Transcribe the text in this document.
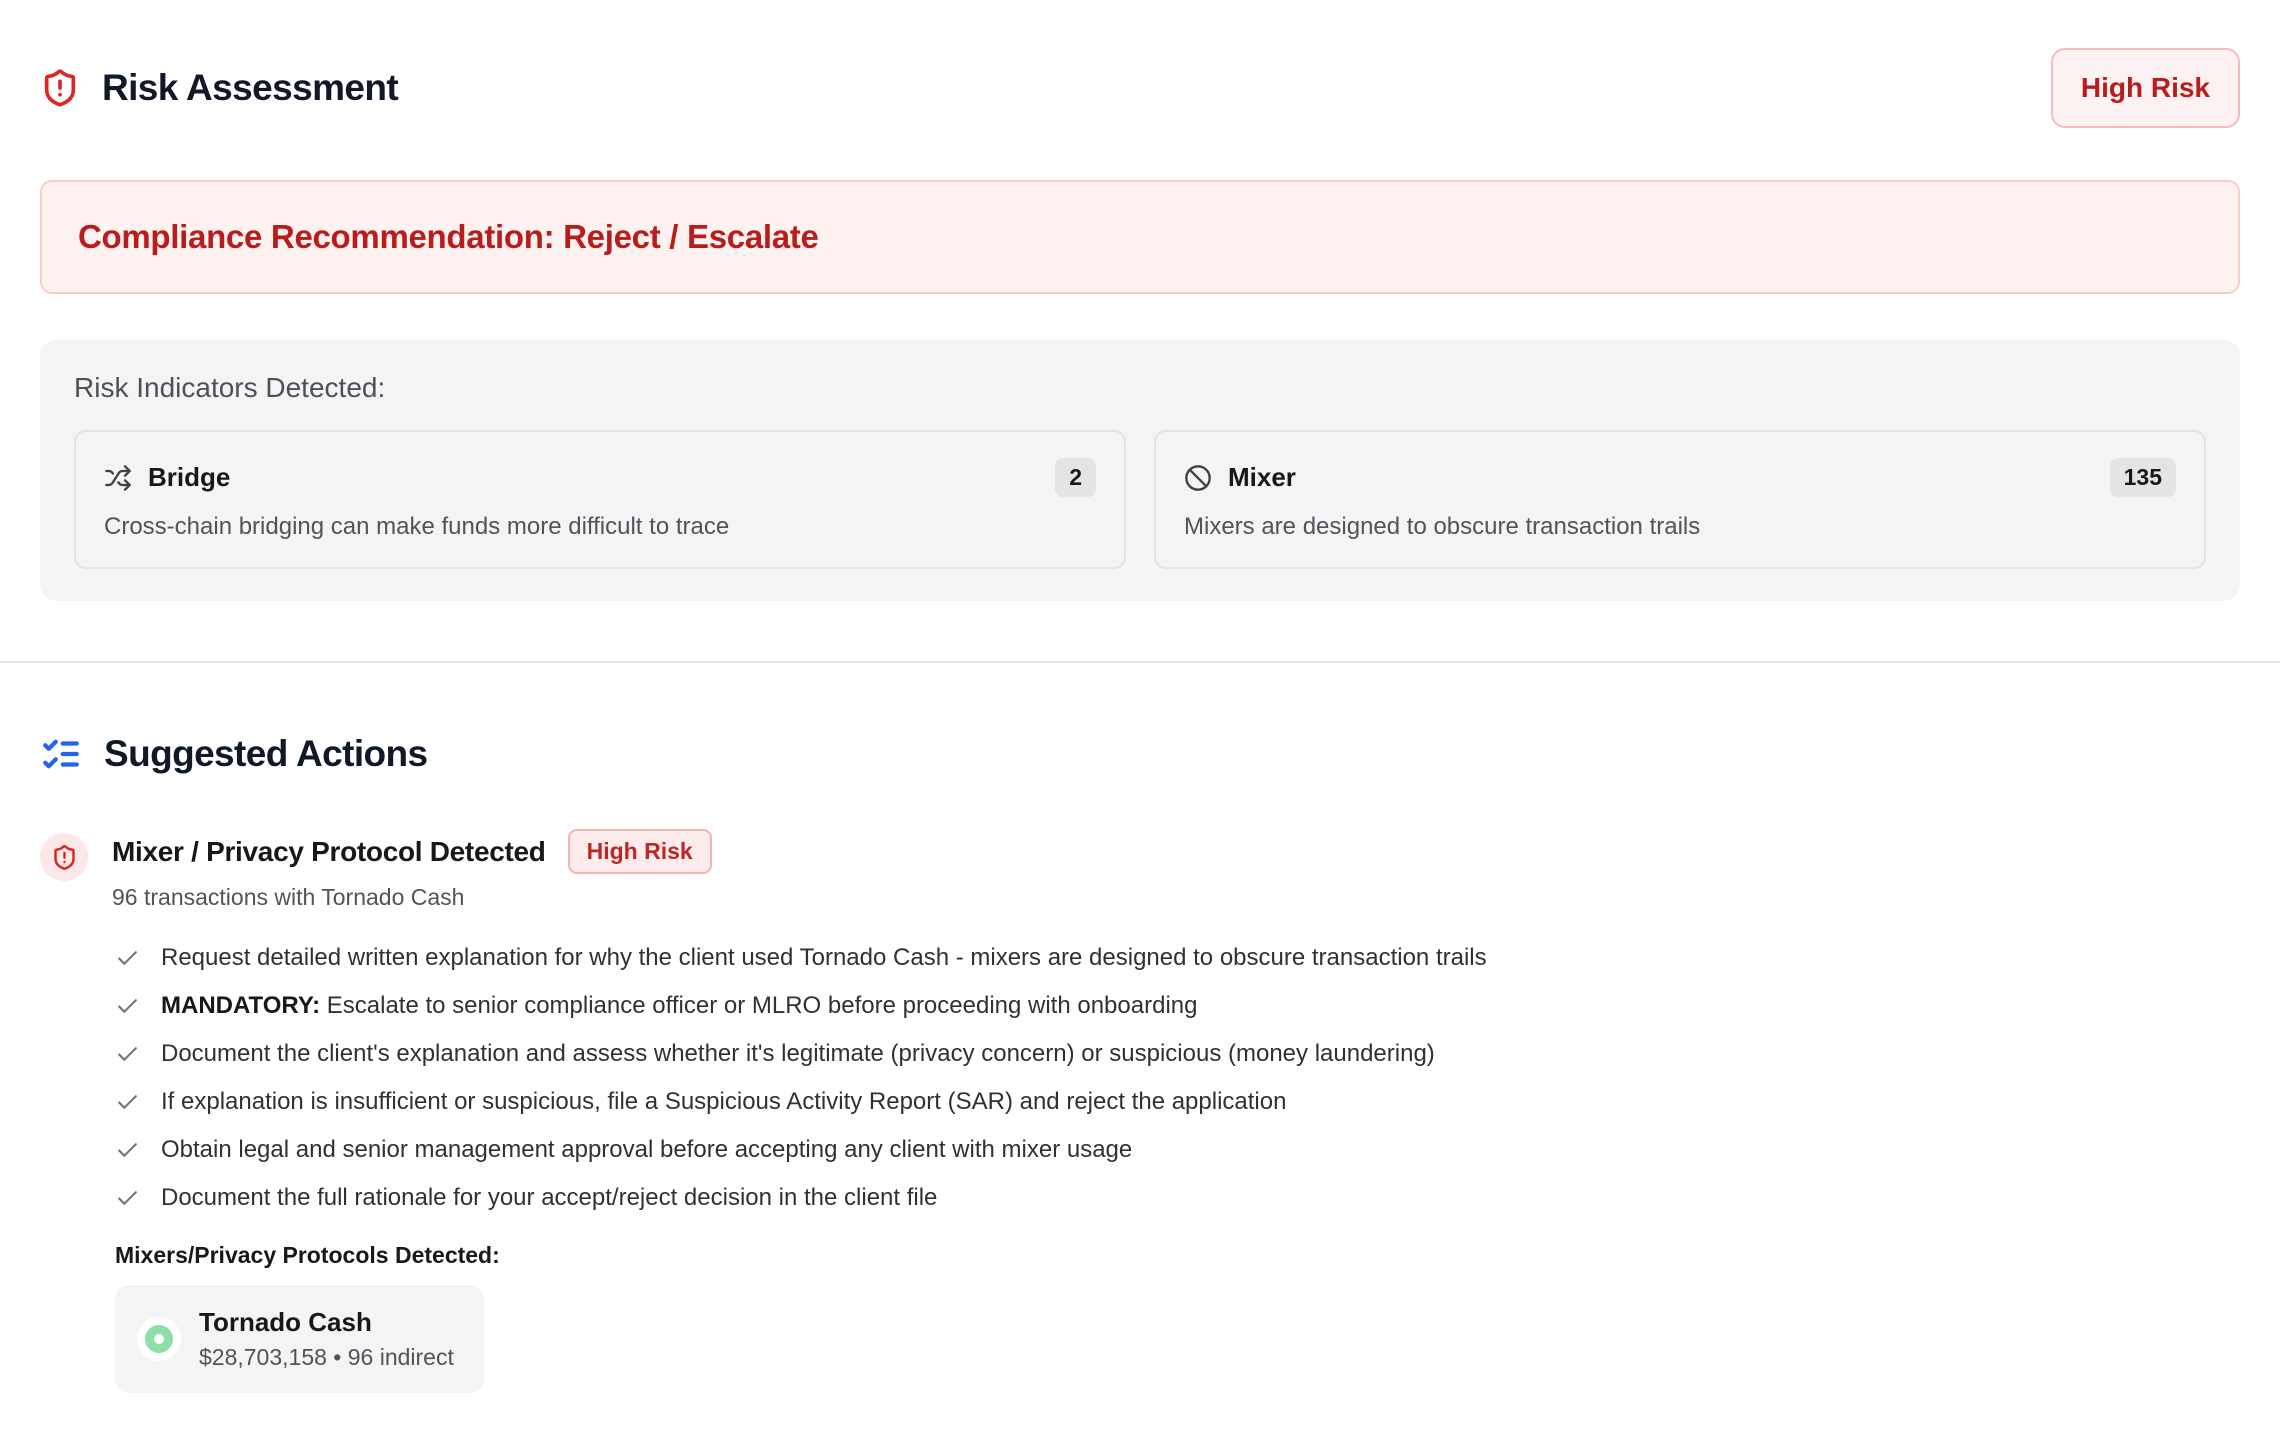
Risk Assessment	High Risk
Compliance Recommendation: Reject / Escalate
Risk Indicators Detected:
Bridge	2
Cross-chain bridging can make funds more difficult to trace
Mixer	135
Mixers are designed to obscure transaction trails
Suggested Actions
Mixer / Privacy Protocol Detected	High Risk
96 transactions with Tornado Cash
Request detailed written explanation for why the client used Tornado Cash - mixers are designed to obscure transaction trails
MANDATORY: Escalate to senior compliance officer or MLRO before proceeding with onboarding
Document the client's explanation and assess whether it's legitimate (privacy concern) or suspicious (money laundering)
If explanation is insufficient or suspicious, file a Suspicious Activity Report (SAR) and reject the application
Obtain legal and senior management approval before accepting any client with mixer usage
Document the full rationale for your accept/reject decision in the client file
Mixers/Privacy Protocols Detected:
Tornado Cash
$28,703,158 • 96 indirect
